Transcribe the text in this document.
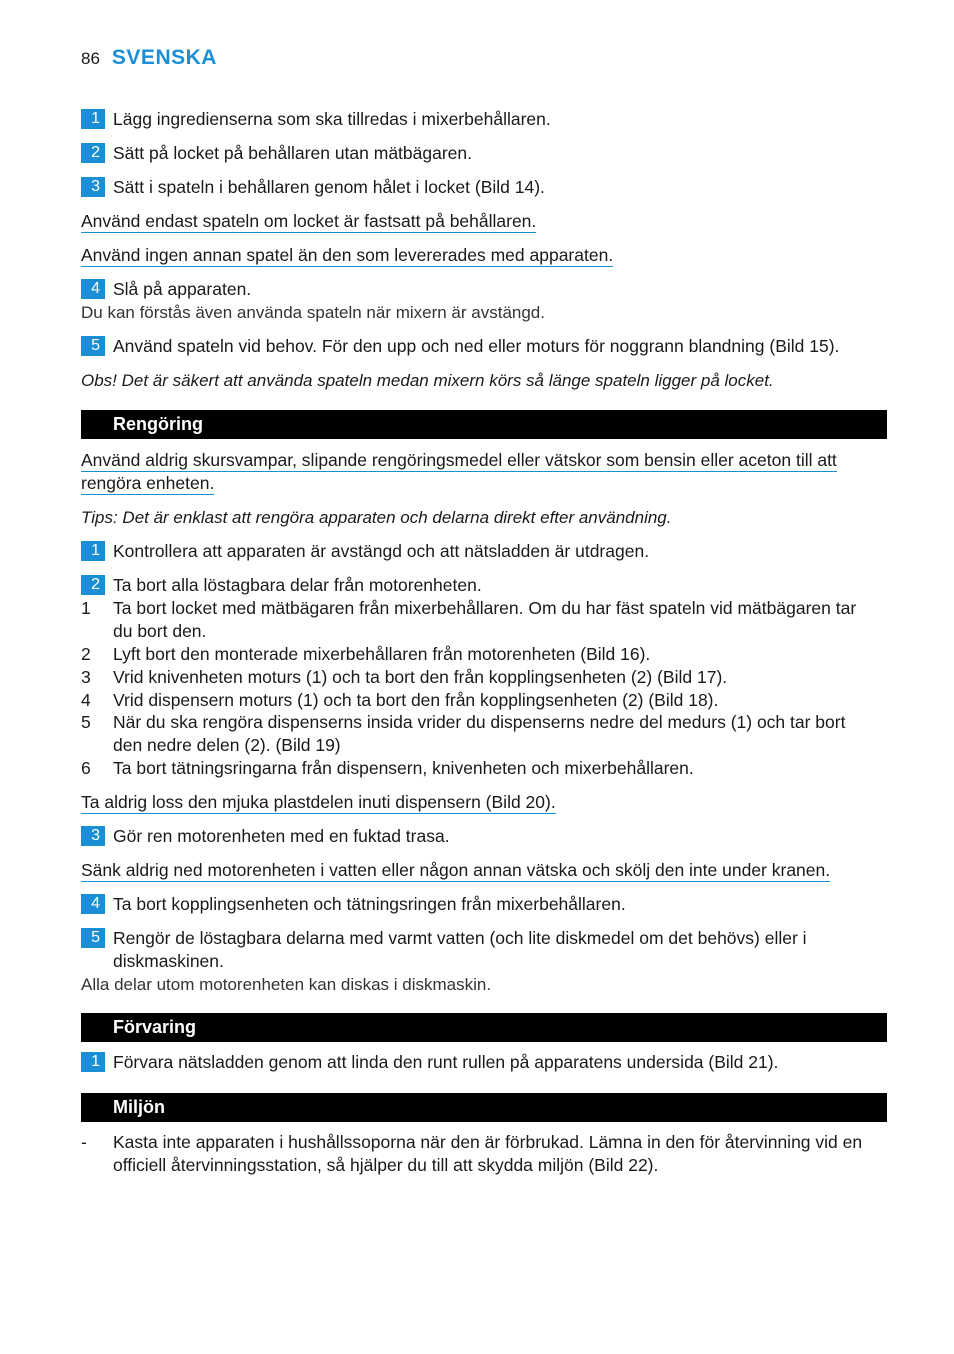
86 SVENSKA
1 Lägg ingredienserna som ska tillredas i mixerbehållaren.
2 Sätt på locket på behållaren utan mätbägaren.
3 Sätt i spateln i behållaren genom hålet i locket (Bild 14).
Använd endast spateln om locket är fastsatt på behållaren.
Använd ingen annan spatel än den som levererades med apparaten.
4 Slå på apparaten.
Du kan förstås även använda spateln när mixern är avstängd.
5 Använd spateln vid behov. För den upp och ned eller moturs för noggrann blandning (Bild 15).
Obs! Det är säkert att använda spateln medan mixern körs så länge spateln ligger på locket.
Rengöring
Använd aldrig skursvampar, slipande rengöringsmedel eller vätskor som bensin eller aceton till att
rengöra enheten.
Tips: Det är enklast att rengöra apparaten och delarna direkt efter användning.
1 Kontrollera att apparaten är avstängd och att nätsladden är utdragen.
2 Ta bort alla löstagbara delar från motorenheten.
1	Ta bort locket med mätbägaren från mixerbehållaren. Om du har fäst spateln vid mätbägaren tar
du bort den.
2	Lyft bort den monterade mixerbehållaren från motorenheten (Bild 16).
3	Vrid knivenheten moturs (1) och ta bort den från kopplingsenheten (2) (Bild 17).
4	Vrid dispensern moturs (1) och ta bort den från kopplingsenheten (2) (Bild 18).
5	När du ska rengöra dispenserns insida vrider du dispenserns nedre del medurs (1) och tar bort
den nedre delen (2). (Bild 19)
6	Ta bort tätningsringarna från dispensern, knivenheten och mixerbehållaren.
Ta aldrig loss den mjuka plastdelen inuti dispensern (Bild 20).
3 Gör ren motorenheten med en fuktad trasa.
Sänk aldrig ned motorenheten i vatten eller någon annan vätska och skölj den inte under kranen.
4 Ta bort kopplingsenheten och tätningsringen från mixerbehållaren.
5 Rengör de löstagbara delarna med varmt vatten (och lite diskmedel om det behövs) eller i
diskmaskinen.
Alla delar utom motorenheten kan diskas i diskmaskin.
Förvaring
1 Förvara nätsladden genom att linda den runt rullen på apparatens undersida (Bild 21).
Miljön
-	Kasta inte apparaten i hushållssoporna när den är förbrukad. Lämna in den för återvinning vid en
officiell återvinningsstation, så hjälper du till att skydda miljön (Bild 22).
